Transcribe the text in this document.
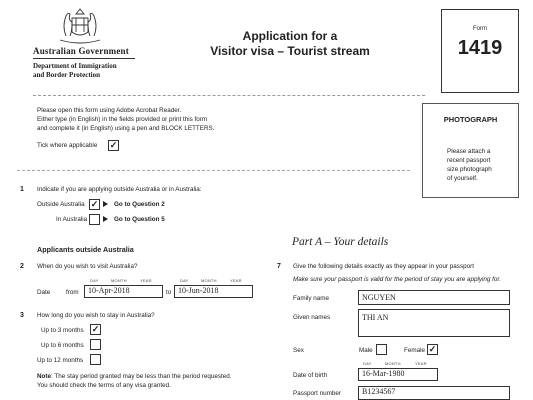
Australian Government
Department of Immigration
and Border Protection
Application for a
Visitor visa – Tourist stream
Form
1419
Please open this form using Adobe Acrobat Reader.
Either type (in English) in the fields provided or print this form
and complete it (in English) using a pen and BLOCK LETTERS.
Tick where applicable ✓
PHOTOGRAPH
Please attach a
recent passport
size photograph
of yourself.
1 Indicate if you are applying outside Australia or in Australia:
Outside Australia ✓ Go to Question 2
In Australia	Go to Question 5
Applicants outside Australia
2 When do you wish to visit Australia?
DAY	MONTH	YEAR	DAY	MONTH	YEAR
Date from	10-Apr-2018	to 10-Jun-2018
3 How long do you wish to stay in Australia?
Up to 3 months ✓
Up to 6 months
Up to 12 months
Note: The stay period granted may be less than the period requested.
You should check the terms of any visa granted.
Part A – Your details
7 Give the following details exactly as they appear in your passport
Make sure your passport is valid for the period of stay you are applying for.
Family name	NGUYEN
Given names	THI AN
Sex	Male	Female ✓
DAY	MONTH	YEAR
Date of birth	16-Mar-1980
Passport number	B1234567
